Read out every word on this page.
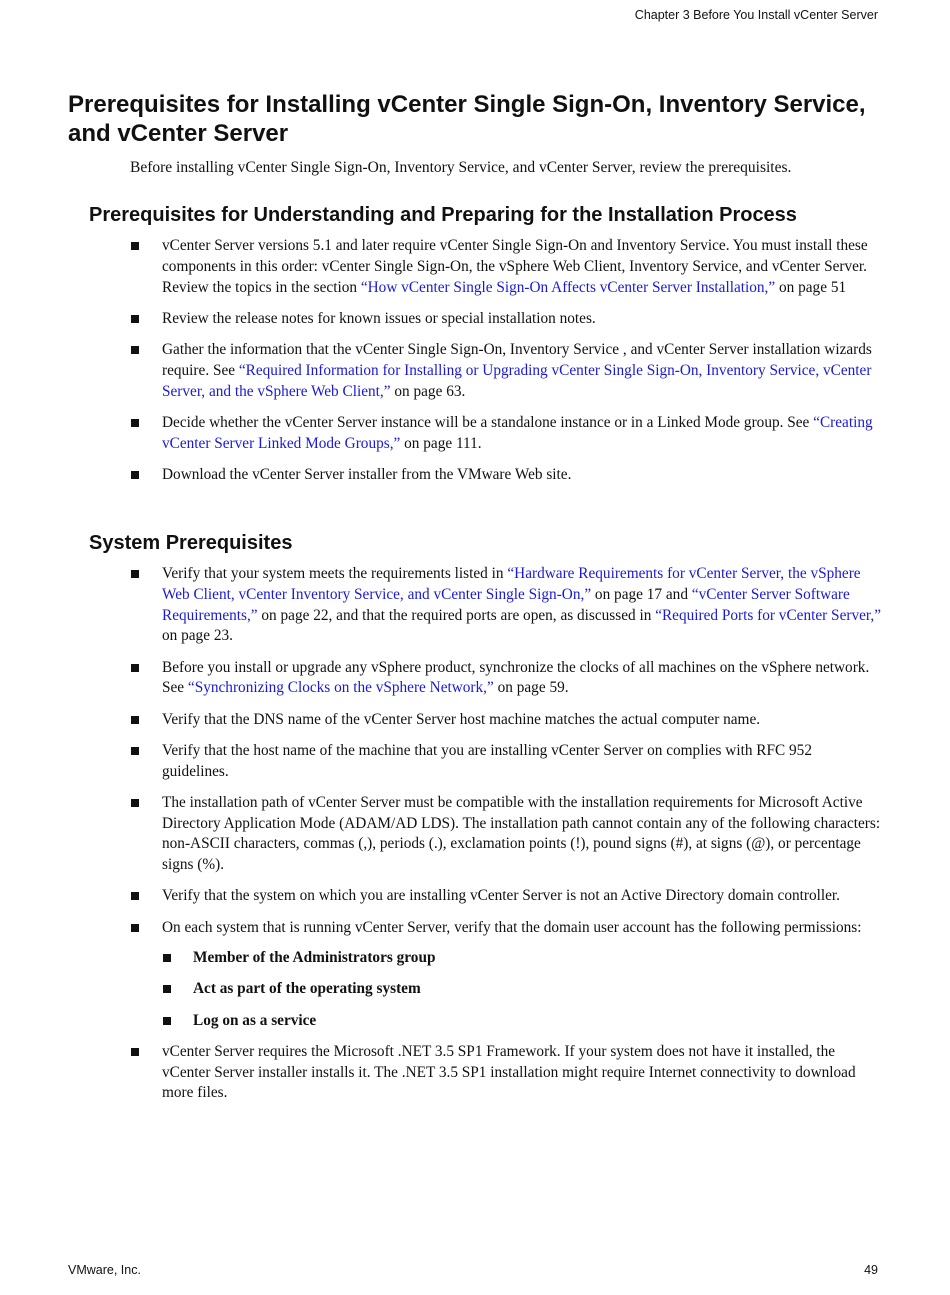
Chapter 3 Before You Install vCenter Server
Prerequisites for Installing vCenter Single Sign-On, Inventory Service, and vCenter Server
Before installing vCenter Single Sign-On, Inventory Service, and vCenter Server, review the prerequisites.
Prerequisites for Understanding and Preparing for the Installation Process
vCenter Server versions 5.1 and later require vCenter Single Sign-On and Inventory Service. You must install these components in this order: vCenter Single Sign-On, the vSphere Web Client, Inventory Service, and vCenter Server. Review the topics in the section “How vCenter Single Sign-On Affects vCenter Server Installation,” on page 51
Review the release notes for known issues or special installation notes.
Gather the information that the vCenter Single Sign-On, Inventory Service , and vCenter Server installation wizards require. See “Required Information for Installing or Upgrading vCenter Single Sign-On, Inventory Service, vCenter Server, and the vSphere Web Client,” on page 63.
Decide whether the vCenter Server instance will be a standalone instance or in a Linked Mode group. See “Creating vCenter Server Linked Mode Groups,” on page 111.
Download the vCenter Server installer from the VMware Web site.
System Prerequisites
Verify that your system meets the requirements listed in “Hardware Requirements for vCenter Server, the vSphere Web Client, vCenter Inventory Service, and vCenter Single Sign-On,” on page 17 and “vCenter Server Software Requirements,” on page 22, and that the required ports are open, as discussed in “Required Ports for vCenter Server,” on page 23.
Before you install or upgrade any vSphere product, synchronize the clocks of all machines on the vSphere network. See “Synchronizing Clocks on the vSphere Network,” on page 59.
Verify that the DNS name of the vCenter Server host machine matches the actual computer name.
Verify that the host name of the machine that you are installing vCenter Server on complies with RFC 952 guidelines.
The installation path of vCenter Server must be compatible with the installation requirements for Microsoft Active Directory Application Mode (ADAM/AD LDS). The installation path cannot contain any of the following characters: non-ASCII characters, commas (,), periods (.), exclamation points (!), pound signs (#), at signs (@), or percentage signs (%).
Verify that the system on which you are installing vCenter Server is not an Active Directory domain controller.
On each system that is running vCenter Server, verify that the domain user account has the following permissions:
Member of the Administrators group
Act as part of the operating system
Log on as a service
vCenter Server requires the Microsoft .NET 3.5 SP1 Framework. If your system does not have it installed, the vCenter Server installer installs it. The .NET 3.5 SP1 installation might require Internet connectivity to download more files.
VMware, Inc.	49
